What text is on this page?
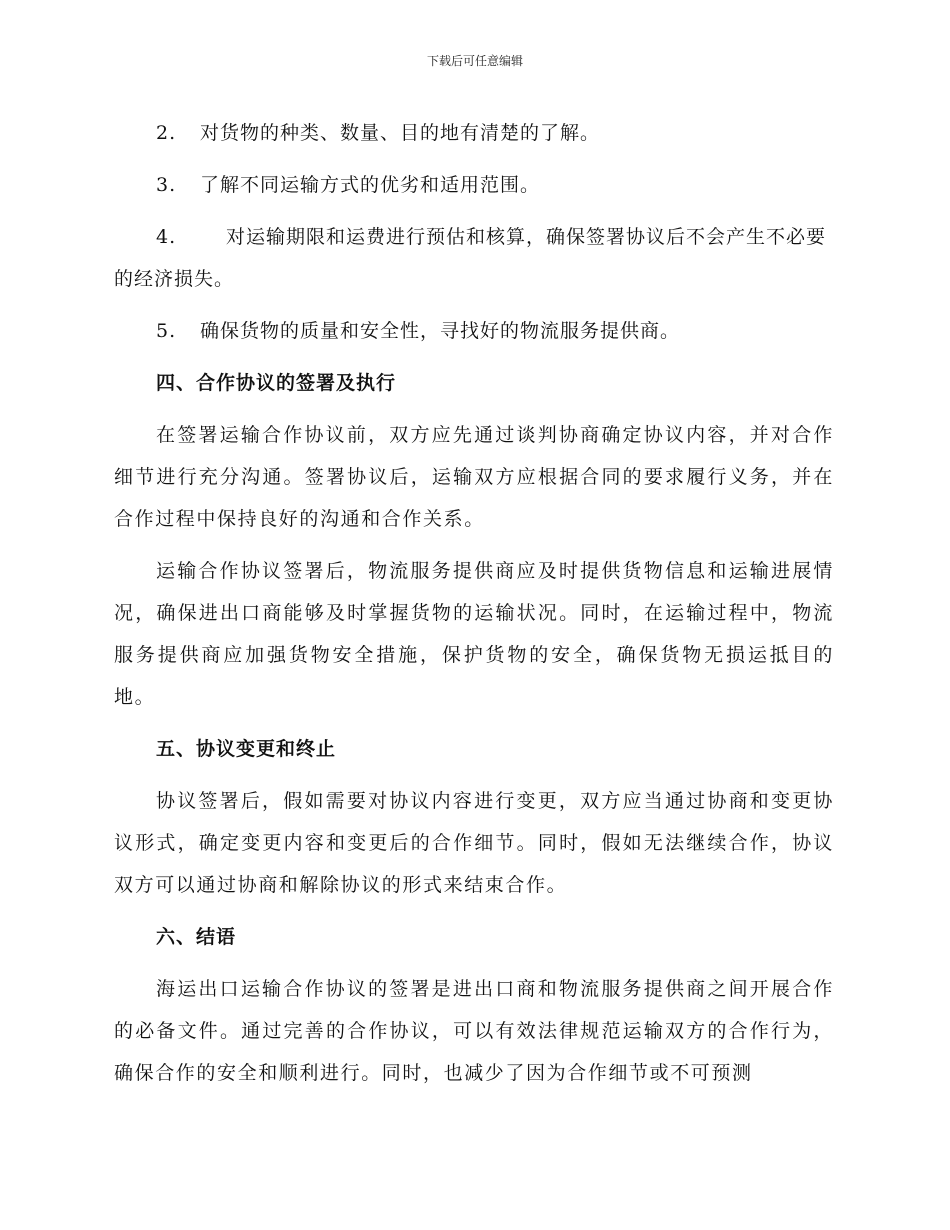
下载后可任意编辑
2.	对货物的种类、数量、目的地有清楚的了解。
3.	了解不同运输方式的优劣和适用范围。
4.	对运输期限和运费进行预估和核算，确保签署协议后不会产生不必要的经济损失。
5.	确保货物的质量和安全性，寻找好的物流服务提供商。
四、合作协议的签署及执行

在签署运输合作协议前，双方应先通过谈判协商确定协议内容，并对合作细节进行充分沟通。签署协议后，运输双方应根据合同的要求履行义务，并在合作过程中保持良好的沟通和合作关系。

运输合作协议签署后，物流服务提供商应及时提供货物信息和运输进展情况，确保进出口商能够及时掌握货物的运输状况。同时，在运输过程中，物流服务提供商应加强货物安全措施，保护货物的安全，确保货物无损运抵目的地。

五、协议变更和终止

协议签署后，假如需要对协议内容进行变更，双方应当通过协商和变更协议形式，确定变更内容和变更后的合作细节。同时，假如无法继续合作，协议双方可以通过协商和解除协议的形式来结束合作。

六、结语

海运出口运输合作协议的签署是进出口商和物流服务提供商之间开展合作的必备文件。通过完善的合作协议，可以有效法律规范运输双方的合作行为，确保合作的安全和顺利进行。同时，也减少了因为合作细节或不可预测
